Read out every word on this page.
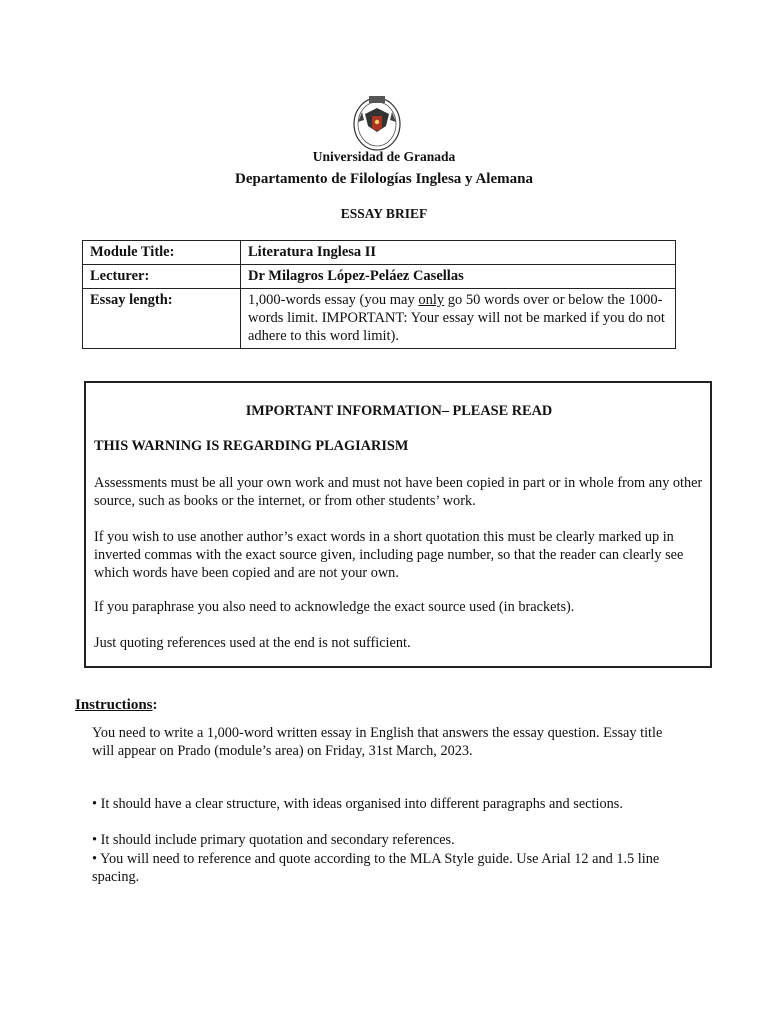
Universidad de Granada
Departamento de Filologías Inglesa y Alemana
ESSAY BRIEF
Module Title:	Literatura Inglesa II
Lecturer:	Dr Milagros López-Peláez Casellas
Essay length:	1,000-words essay (you may only go 50 words over or below the 1000-words limit. IMPORTANT: Your essay will not be marked if you do not adhere to this word limit).

IMPORTANT INFORMATION– PLEASE READ

THIS WARNING IS REGARDING PLAGIARISM

Assessments must be all your own work and must not have been copied in part or in whole from any other source, such as books or the internet, or from other students’ work.

If you wish to use another author’s exact words in a short quotation this must be clearly marked up in inverted commas with the exact source given, including page number, so that the reader can clearly see which words have been copied and are not your own.

If you paraphrase you also need to acknowledge the exact source used (in brackets).

Just quoting references used at the end is not sufficient.

Instructions:
You need to write a 1,000-word written essay in English that answers the essay question. Essay title will appear on Prado (module’s area) on Friday, 31st March, 2023.
• It should have a clear structure, with ideas organised into different paragraphs and sections.
• It should include primary quotation and secondary references.
• You will need to reference and quote according to the MLA Style guide. Use Arial 12 and 1.5 line spacing.
